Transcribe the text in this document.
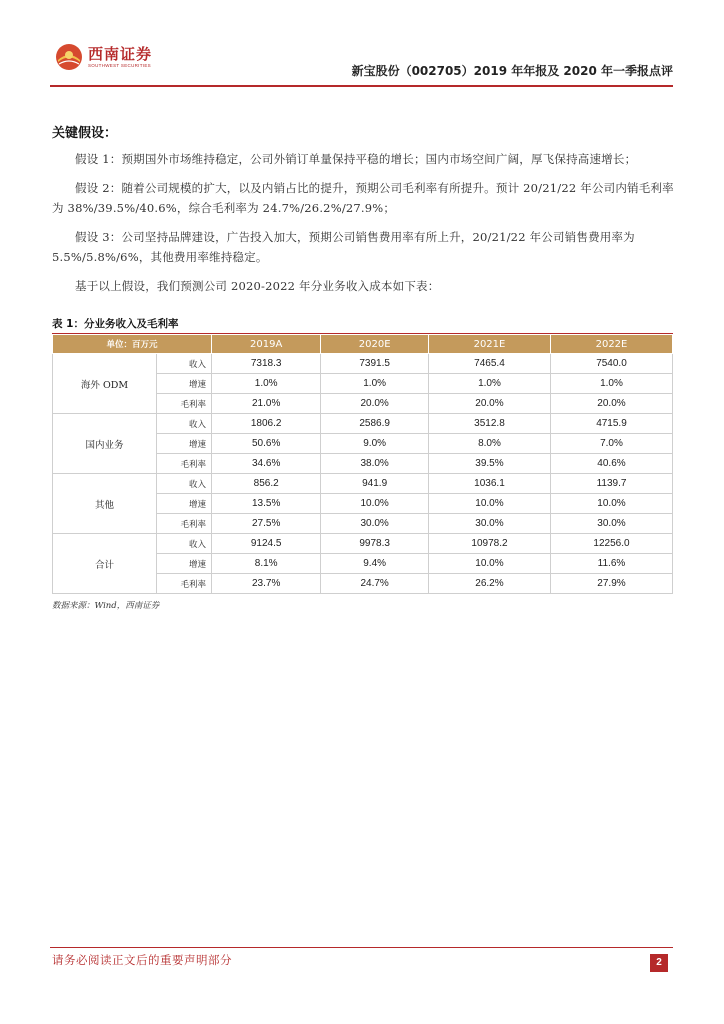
西南证券
SOUTHWEST SECURITIES	新宝股份（002705）2019 年年报及 2020 年一季报点评
关键假设：

假设 1：预期国外市场维持稳定，公司外销订单量保持平稳的增长；国内市场空间广阔，厚飞保持高速增长；

假设 2：随着公司规模的扩大，以及内销占比的提升，预期公司毛利率有所提升。预计 20/21/22 年公司内销毛利率为 38%/39.5%/40.6%，综合毛利率为 24.7%/26.2%/27.9%；

假设 3：公司坚持品牌建设，广告投入加大，预期公司销售费用率有所上升，20/21/22 年公司销售费用率为 5.5%/5.8%/6%，其他费用率维持稳定。

基于以上假设，我们预测公司 2020-2022 年分业务收入成本如下表：

表 1：分业务收入及毛利率
单位：百万元		2019A	2020E	2021E	2022E
海外 ODM	收入	7318.3	7391.5	7465.4	7540.0
	增速	1.0%	1.0%	1.0%	1.0%
	毛利率	21.0%	20.0%	20.0%	20.0%
国内业务	收入	1806.2	2586.9	3512.8	4715.9
	增速	50.6%	9.0%	8.0%	7.0%
	毛利率	34.6%	38.0%	39.5%	40.6%
其他	收入	856.2	941.9	1036.1	1139.7
	增速	13.5%	10.0%	10.0%	10.0%
	毛利率	27.5%	30.0%	30.0%	30.0%
合计	收入	9124.5	9978.3	10978.2	12256.0
	增速	8.1%	9.4%	10.0%	11.6%
	毛利率	23.7%	24.7%	26.2%	27.9%
数据来源：Wind，西南证券
请务必阅读正文后的重要声明部分	2
